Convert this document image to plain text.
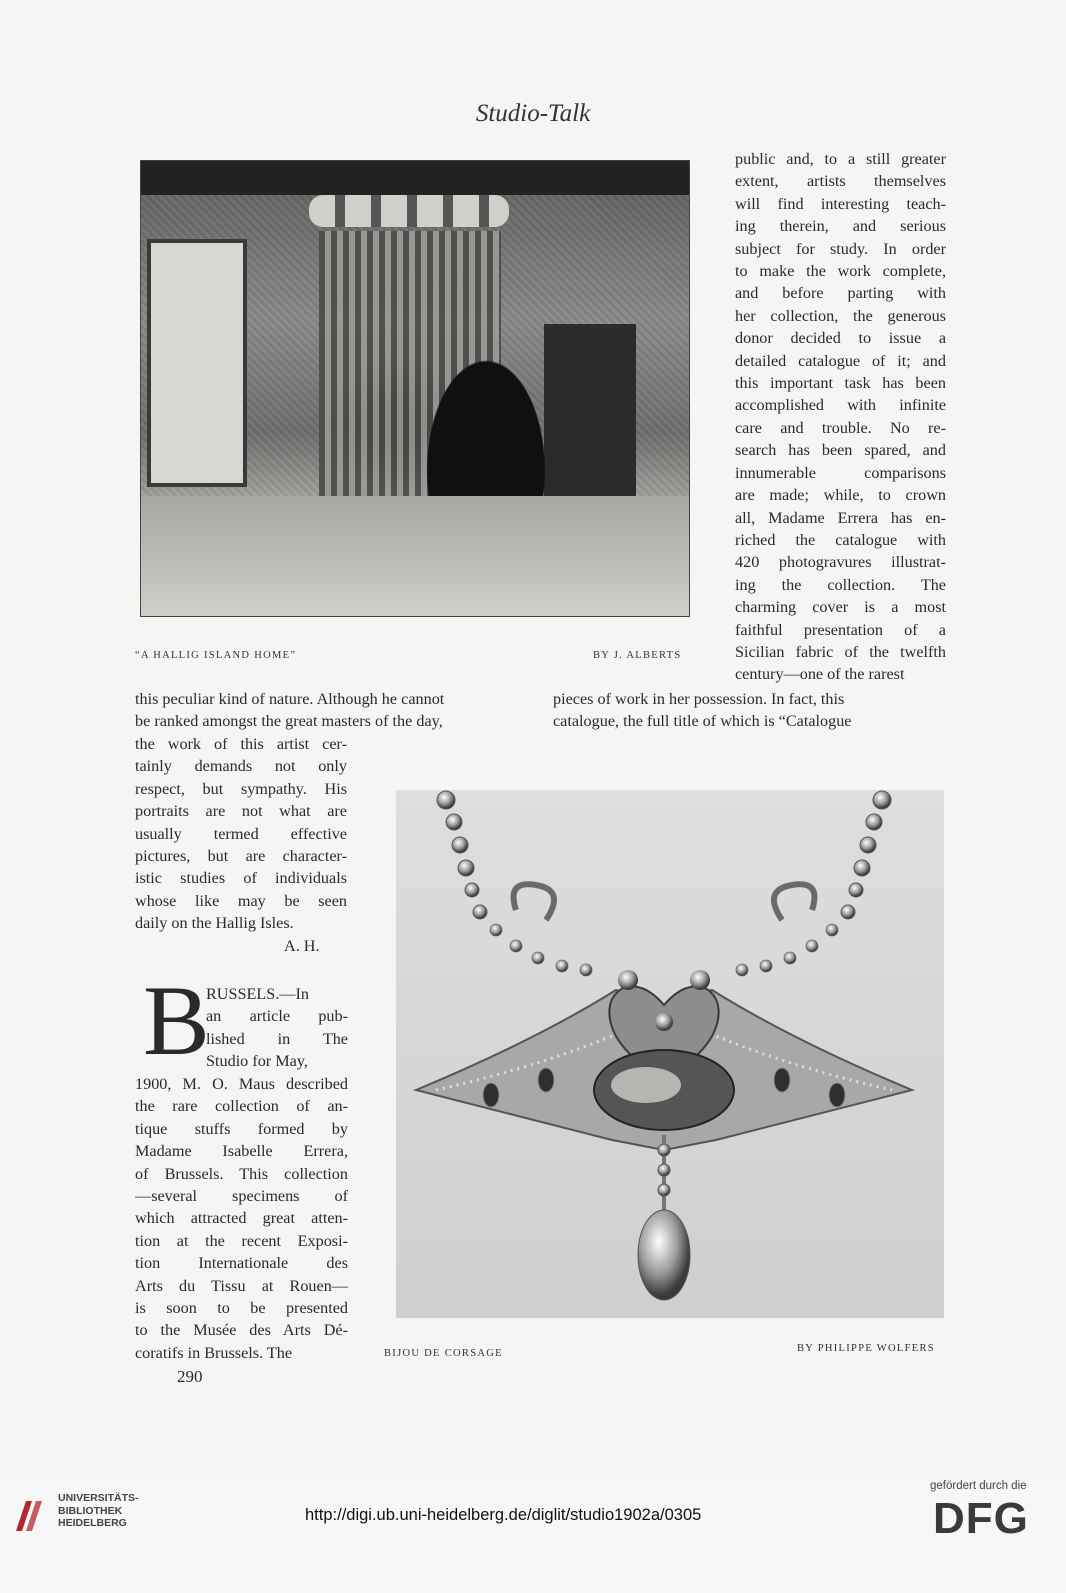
Studio-Talk
“A HALLIG ISLAND HOME”	BY J. ALBERTS

public and, to a still greater

extent, artists themselves

will find interesting teach-

ing therein, and serious

subject for study. In order

to make the work complete,

and before parting with

her collection, the generous

donor decided to issue a

detailed catalogue of it; and

this important task has been

accomplished with infinite

care and trouble. No re-

search has been spared, and

innumerable comparisons

are made; while, to crown

all, Madame Errera has en-

riched the catalogue with

420 photogravures illustrat-

ing the collection. The

charming cover is a most

faithful presentation of a

Sicilian fabric of the twelfth

century—one of the rarest

this peculiar kind of nature. Although he cannot
be ranked amongst the great masters of the day,
pieces of work in her possession. In fact, this
catalogue, the full title of which is “Catalogue

the work of this artist cer-

tainly demands not only

respect, but sympathy. His

portraits are not what are

usually termed effective

pictures, but are character-

istic studies of individuals

whose like may be seen

daily on the Hallig Isles.

A. H.
B

RUSSELS.—In

an article pub-

lished in The

Studio for May,

1900, M. O. Maus described

the rare collection of an-

tique stuffs formed by

Madame Isabelle Errera,

of Brussels. This collection

—several specimens of

which attracted great atten-

tion at the recent Exposi-

tion Internationale des

Arts du Tissu at Rouen—

is soon to be presented

to the Musée des Arts Dé-

coratifs in Brussels. The	BIJOU DE CORSAGE	BY PHILIPPE WOLFERS
290
UNIVERSITÄTS-
BIBLIOTHEK
HEIDELBERG	http://digi.ub.uni-heidelberg.de/diglit/studio1902a/0305
gefördert durch die
DFG
